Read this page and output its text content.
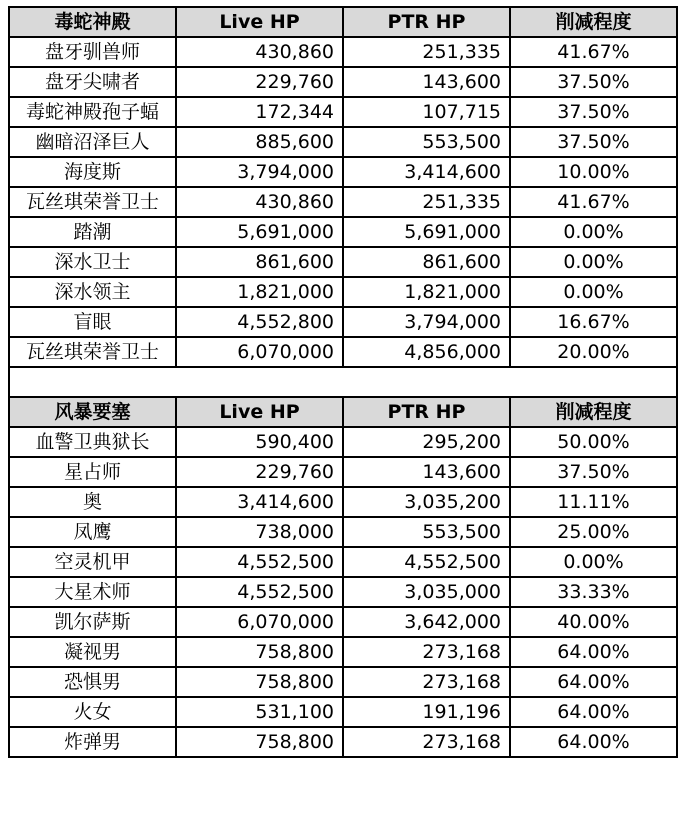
毒蛇神殿	Live HP	PTR HP	削减程度
盘牙驯兽师	430,860	251,335	41.67%
盘牙尖啸者	229,760	143,600	37.50%
毒蛇神殿孢子蝠	172,344	107,715	37.50%
幽暗沼泽巨人	885,600	553,500	37.50%
海度斯	3,794,000	3,414,600	10.00%
瓦丝琪荣誉卫士	430,860	251,335	41.67%
踏潮	5,691,000	5,691,000	0.00%
深水卫士	861,600	861,600	0.00%
深水领主	1,821,000	1,821,000	0.00%
盲眼	4,552,800	3,794,000	16.67%
瓦丝琪荣誉卫士	6,070,000	4,856,000	20.00%

风暴要塞	Live HP	PTR HP	削减程度
血警卫典狱长	590,400	295,200	50.00%
星占师	229,760	143,600	37.50%
奥	3,414,600	3,035,200	11.11%
凤鹰	738,000	553,500	25.00%
空灵机甲	4,552,500	4,552,500	0.00%
大星术师	4,552,500	3,035,000	33.33%
凯尔萨斯	6,070,000	3,642,000	40.00%
凝视男	758,800	273,168	64.00%
恐惧男	758,800	273,168	64.00%
火女	531,100	191,196	64.00%
炸弹男	758,800	273,168	64.00%
